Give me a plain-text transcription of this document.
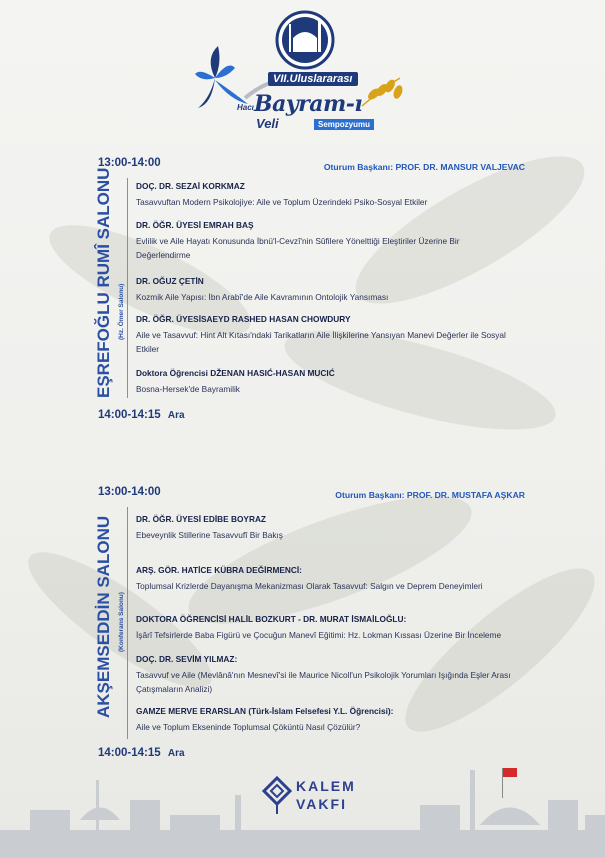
VII.Uluslararası
Hacı Bayram-ı
Veli	Sempozyumu
13:00-14:00	Oturum Başkanı: PROF. DR. MANSUR VALJEVAC
EŞREFOĞLU RUMÎ SALONU (Hz. Ömer Salonu)
DOÇ. DR. SEZAİ KORKMAZ
Tasavvuftan Modern Psikolojiye: Aile ve Toplum Üzerindeki Psiko-Sosyal Etkiler
DR. ÖĞR. ÜYESİ EMRAH BAŞ
Evlilik ve Aile Hayatı Konusunda İbnü'l-Cevzî'nin Sûfilere Yönelttiği Eleştiriler Üzerine Bir Değerlendirme
DR. OĞUZ ÇETİN
Kozmik Aile Yapısı: İbn Arabî'de Aile Kavramının Ontolojik Yansıması
DR. ÖĞR. ÜYESİSAEYD RASHED HASAN CHOWDURY
Aile ve Tasavvuf: Hint Alt Kıtası'ndaki Tarikatların Aile İlişkilerine Yansıyan Manevi Değerler ile Sosyal Etkiler
Doktora Öğrencisi DŽENAN HASIĆ-HASAN MUCIĆ
Bosna-Hersek'de Bayramilik
14:00-14:15 Ara
13:00-14:00	Oturum Başkanı: PROF. DR. MUSTAFA AŞKAR
AKŞEMSEDDİN SALONU (Konferans Salonu)
DR. ÖĞR. ÜYESİ EDİBE BOYRAZ
Ebeveynlik Stillerine Tasavvufî Bir Bakış
ARŞ. GÖR. HATİCE KÜBRA DEĞİRMENCİ:
Toplumsal Krizlerde Dayanışma Mekanizması Olarak Tasavvuf: Salgın ve Deprem Deneyimleri
DOKTORA ÖĞRENCİSİ HALİL BOZKURT - DR. MURAT İSMAİLOĞLU:
İşârî Tefsirlerde Baba Figürü ve Çocuğun Manevî Eğitimi: Hz. Lokman Kıssası Üzerine Bir İnceleme
DOÇ. DR. SEVİM YILMAZ:
Tasavvuf ve Aile (Mevlânâ'nın Mesnevî'si ile Maurice Nicoll'un Psikolojik Yorumları Işığında Eşler Arası Çatışmaların Analizi)
GAMZE MERVE ERARSLAN (Türk-İslam Felsefesi Y.L. Öğrencisi):
Aile ve Toplum Ekseninde Toplumsal Çöküntü Nasıl Çözülür?
14:00-14:15 Ara
KALEM
VAKFI
